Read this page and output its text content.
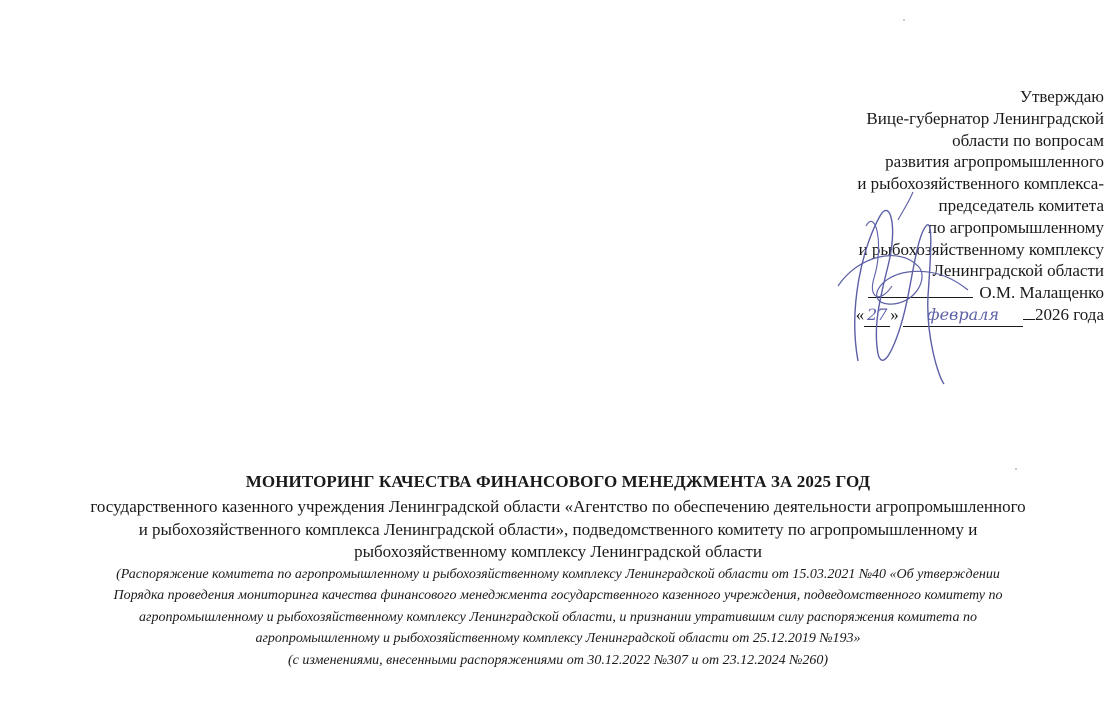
Утверждаю
Вице-губернатор Ленинградской
области по вопросам
развития агропромышленного
и рыбохозяйственного комплекса-
председатель комитета
по агропромышленному
и рыбохозяйственному комплексу
Ленинградской области
О.М. Малащенко
« 27 » февраля 2026 года

МОНИТОРИНГ КАЧЕСТВА ФИНАНСОВОГО МЕНЕДЖМЕНТА ЗА 2025 ГОД

государственного казенного учреждения Ленинградской области «Агентство по обеспечению деятельности агропромышленного
и рыбохозяйственного комплекса Ленинградской области», подведомственного комитету по агропромышленному и
рыбохозяйственному комплексу Ленинградской области

(Распоряжение комитета по агропромышленному и рыбохозяйственному комплексу Ленинградской области от 15.03.2021 №40 «Об утверждении
Порядка проведения мониторинга качества финансового менеджмента государственного казенного учреждения, подведомственного комитету по
агропромышленному и рыбохозяйственному комплексу Ленинградской области, и признании утратившим силу распоряжения комитета по
агропромышленному и рыбохозяйственному комплексу Ленинградской области от 25.12.2019 №193»

(с изменениями, внесенными распоряжениями от 30.12.2022 №307 и от 23.12.2024 №260)
